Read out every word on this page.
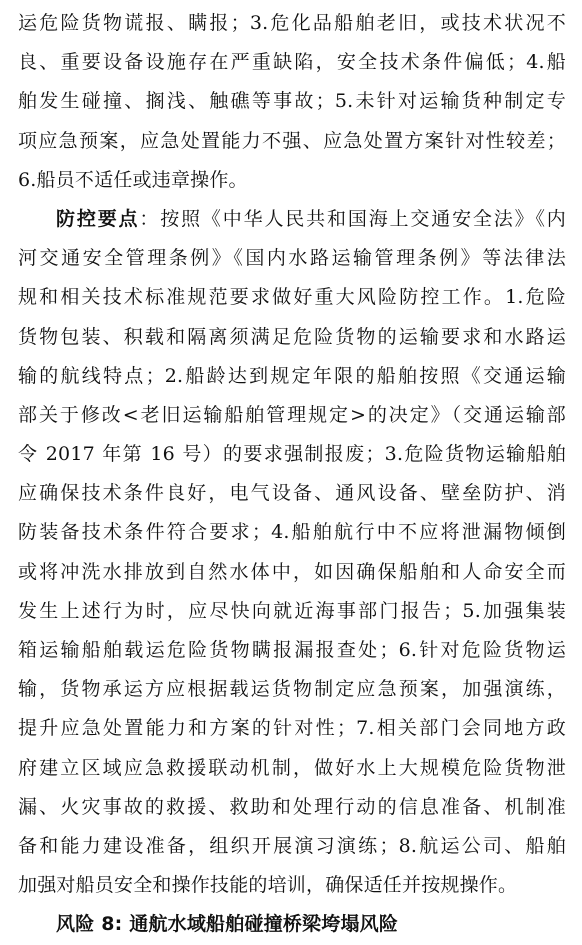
运危险货物谎报、瞒报；3.危化品船舶老旧，或技术状况不
良、重要设备设施存在严重缺陷，安全技术条件偏低；4.船
舶发生碰撞、搁浅、触礁等事故；5.未针对运输货种制定专
项应急预案，应急处置能力不强、应急处置方案针对性较差；
6.船员不适任或违章操作。
防控要点：按照《中华人民共和国海上交通安全法》《内
河交通安全管理条例》《国内水路运输管理条例》等法律法
规和相关技术标准规范要求做好重大风险防控工作。1.危险
货物包装、积载和隔离须满足危险货物的运输要求和水路运
输的航线特点；2.船龄达到规定年限的船舶按照《交通运输
部关于修改<老旧运输船舶管理规定>的决定》（交通运输部
令 2017 年第 16 号）的要求强制报废；3.危险货物运输船舶
应确保技术条件良好，电气设备、通风设备、壁垒防护、消
防装备技术条件符合要求；4.船舶航行中不应将泄漏物倾倒
或将冲洗水排放到自然水体中，如因确保船舶和人命安全而
发生上述行为时，应尽快向就近海事部门报告；5.加强集装
箱运输船舶载运危险货物瞒报漏报查处；6.针对危险货物运
输，货物承运方应根据载运货物制定应急预案，加强演练，
提升应急处置能力和方案的针对性；7.相关部门会同地方政
府建立区域应急救援联动机制，做好水上大规模危险货物泄
漏、火灾事故的救援、救助和处理行动的信息准备、机制准
备和能力建设准备，组织开展演习演练；8.航运公司、船舶
加强对船员安全和操作技能的培训，确保适任并按规操作。
风险 8: 通航水域船舶碰撞桥梁垮塌风险
